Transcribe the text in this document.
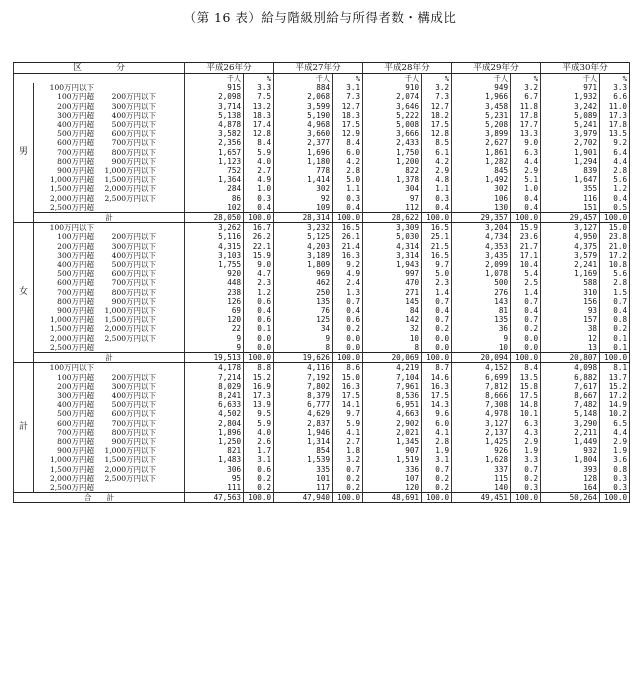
（第 16 表）給与階級別給与所得者数・構成比
区　　　　分		平成26年分		平成27年分		平成28年分		平成29年分		平成30年分	
		千人	%	千人	%	千人	%	千人	%	千人	%
男	100万円以下	915	3.3	884	3.1	910	3.2	949	3.2	971	3.3
	100万円超 200万円以下	2,098	7.5	2,068	7.3	2,074	7.3	1,966	6.7	1,932	6.6
	200万円超 300万円以下	3,714	13.2	3,599	12.7	3,646	12.7	3,458	11.8	3,242	11.0
	300万円超 400万円以下	5,138	18.3	5,190	18.3	5,222	18.2	5,231	17.8	5,089	17.3
	400万円超 500万円以下	4,878	17.4	4,968	17.5	5,008	17.5	5,208	17.7	5,241	17.8
	500万円超 600万円以下	3,582	12.8	3,660	12.9	3,666	12.8	3,899	13.3	3,979	13.5
	600万円超 700万円以下	2,356	8.4	2,377	8.4	2,433	8.5	2,627	9.0	2,702	9.2
	700万円超 800万円以下	1,657	5.9	1,696	6.0	1,750	6.1	1,861	6.3	1,901	6.4
	800万円超 900万円以下	1,123	4.0	1,180	4.2	1,200	4.2	1,282	4.4	1,294	4.4
	900万円超 1,000万円以下	752	2.7	778	2.8	822	2.9	845	2.9	839	2.8
	1,000万円超 1,500万円以下	1,364	4.9	1,414	5.0	1,378	4.8	1,492	5.1	1,647	5.6
	1,500万円超 2,000万円以下	284	1.0	302	1.1	304	1.1	302	1.0	355	1.2
	2,000万円超 2,500万円以下	86	0.3	92	0.3	97	0.3	106	0.4	116	0.4
	2,500万円超	102	0.4	109	0.4	112	0.4	130	0.4	151	0.5
	計	28,050	100.0	28,314	100.0	28,622	100.0	29,357	100.0	29,457	100.0
女	100万円以下	3,262	16.7	3,232	16.5	3,309	16.5	3,204	15.9	3,127	15.0
	100万円超 200万円以下	5,116	26.2	5,125	26.1	5,030	25.1	4,734	23.6	4,950	23.8
	200万円超 300万円以下	4,315	22.1	4,203	21.4	4,314	21.5	4,353	21.7	4,375	21.0
	300万円超 400万円以下	3,103	15.9	3,189	16.3	3,314	16.5	3,435	17.1	3,579	17.2
	400万円超 500万円以下	1,755	9.0	1,809	9.2	1,943	9.7	2,099	10.4	2,241	10.8
	500万円超 600万円以下	920	4.7	969	4.9	997	5.0	1,078	5.4	1,169	5.6
	600万円超 700万円以下	448	2.3	462	2.4	470	2.3	500	2.5	588	2.8
	700万円超 800万円以下	238	1.2	250	1.3	271	1.4	276	1.4	310	1.5
	800万円超 900万円以下	126	0.6	135	0.7	145	0.7	143	0.7	156	0.7
	900万円超 1,000万円以下	69	0.4	76	0.4	84	0.4	81	0.4	93	0.4
	1,000万円超 1,500万円以下	120	0.6	125	0.6	142	0.7	135	0.7	157	0.8
	1,500万円超 2,000万円以下	22	0.1	34	0.2	32	0.2	36	0.2	38	0.2
	2,000万円超 2,500万円以下	9	0.0	9	0.0	10	0.0	9	0.0	12	0.1
	2,500万円超	9	0.0	8	0.0	8	0.0	10	0.0	13	0.1
	計	19,513	100.0	19,626	100.0	20,069	100.0	20,094	100.0	20,807	100.0
計	100万円以下	4,178	8.8	4,116	8.6	4,219	8.7	4,152	8.4	4,098	8.1
	100万円超 200万円以下	7,214	15.2	7,192	15.0	7,104	14.6	6,699	13.5	6,882	13.7
	200万円超 300万円以下	8,029	16.9	7,802	16.3	7,961	16.3	7,812	15.8	7,617	15.2
	300万円超 400万円以下	8,241	17.3	8,379	17.5	8,536	17.5	8,666	17.5	8,667	17.2
	400万円超 500万円以下	6,633	13.9	6,777	14.1	6,951	14.3	7,308	14.8	7,482	14.9
	500万円超 600万円以下	4,502	9.5	4,629	9.7	4,663	9.6	4,978	10.1	5,148	10.2
	600万円超 700万円以下	2,804	5.9	2,837	5.9	2,902	6.0	3,127	6.3	3,290	6.5
	700万円超 800万円以下	1,896	4.0	1,946	4.1	2,021	4.1	2,137	4.3	2,211	4.4
	800万円超 900万円以下	1,250	2.6	1,314	2.7	1,345	2.8	1,425	2.9	1,449	2.9
	900万円超 1,000万円以下	821	1.7	854	1.8	907	1.9	926	1.9	932	1.9
	1,000万円超 1,500万円以下	1,483	3.1	1,539	3.2	1,519	3.1	1,628	3.3	1,804	3.6
	1,500万円超 2,000万円以下	306	0.6	335	0.7	336	0.7	337	0.7	393	0.8
	2,000万円超 2,500万円以下	95	0.2	101	0.2	107	0.2	115	0.2	128	0.3
	2,500万円超	111	0.2	117	0.2	120	0.2	140	0.3	164	0.3
合　　計		47,563	100.0	47,940	100.0	48,691	100.0	49,451	100.0	50,264	100.0
